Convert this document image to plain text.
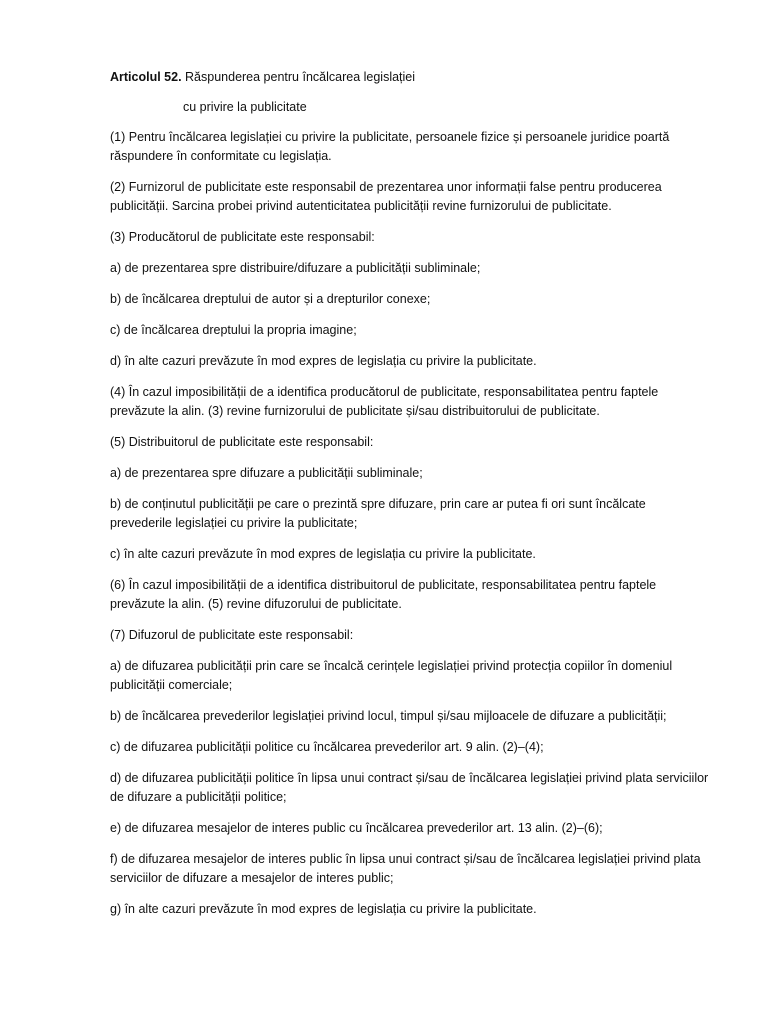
Articolul 52. Răspunderea pentru încălcarea legislației
cu privire la publicitate

(1) Pentru încălcarea legislației cu privire la publicitate, persoanele fizice și persoanele juridice poartă răspundere în conformitate cu legislația.

(2) Furnizorul de publicitate este responsabil de prezentarea unor informații false pentru producerea publicității. Sarcina probei privind autenticitatea publicității revine furnizorului de publicitate.

(3) Producătorul de publicitate este responsabil:

a) de prezentarea spre distribuire/difuzare a publicității subliminale;

b) de încălcarea dreptului de autor și a drepturilor conexe;

c) de încălcarea dreptului la propria imagine;

d) în alte cazuri prevăzute în mod expres de legislația cu privire la publicitate.

(4) În cazul imposibilității de a identifica producătorul de publicitate, responsabilitatea pentru faptele prevăzute la alin. (3) revine furnizorului de publicitate și/sau distribuitorului de publicitate.

(5) Distribuitorul de publicitate este responsabil:

a) de prezentarea spre difuzare a publicității subliminale;

b) de conținutul publicității pe care o prezintă spre difuzare, prin care ar putea fi ori sunt încălcate prevederile legislației cu privire la publicitate;

c) în alte cazuri prevăzute în mod expres de legislația cu privire la publicitate.

(6) În cazul imposibilității de a identifica distribuitorul de publicitate, responsabilitatea pentru faptele prevăzute la alin. (5) revine difuzorului de publicitate.

(7) Difuzorul de publicitate este responsabil:

a) de difuzarea publicității prin care se încalcă cerințele legislației privind protecția copiilor în domeniul publicității comerciale;

b) de încălcarea prevederilor legislației privind locul, timpul și/sau mijloacele de difuzare a publicității;

c) de difuzarea publicității politice cu încălcarea prevederilor art. 9 alin. (2)–(4);

d) de difuzarea publicității politice în lipsa unui contract și/sau de încălcarea legislației privind plata serviciilor de difuzare a publicității politice;

e) de difuzarea mesajelor de interes public cu încălcarea prevederilor art. 13 alin. (2)–(6);

f) de difuzarea mesajelor de interes public în lipsa unui contract și/sau de încălcarea legislației privind plata serviciilor de difuzare a mesajelor de interes public;

g) în alte cazuri prevăzute în mod expres de legislația cu privire la publicitate.
